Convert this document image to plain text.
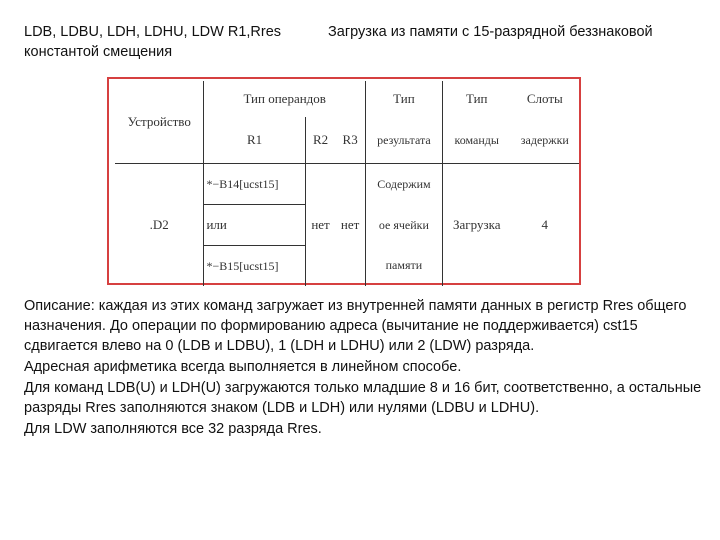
LDB, LDBU, LDH, LDHU, LDW R1,Rres	Загрузка из памяти с 15-разрядной беззнаковой
константой смещения
Устройство	Тип операндов			Тип	Тип	Слоты
	R1	R2	R3	результата	команды	задержки
.D2	*−B14[ucst15]	нет	нет	Содержим	Загрузка	4
	или			ое ячейки		
	*−B15[ucst15]			памяти		

Описание: каждая из этих команд загружает из внутренней памяти данных в регистр Rres общего назначения. До операции по формированию адреса (вычитание не поддерживается) cst15 сдвигается влево на 0 (LDB и LDBU), 1 (LDH и LDHU) или 2 (LDW) разряда.

Адресная арифметика всегда выполняется в линейном способе.

Для команд LDB(U) и LDH(U) загружаются только младшие 8 и 16 бит, соответственно, а остальные разряды Rres заполняются знаком (LDB и LDH) или нулями (LDBU и LDHU).

Для LDW заполняются все 32 разряда Rres.
